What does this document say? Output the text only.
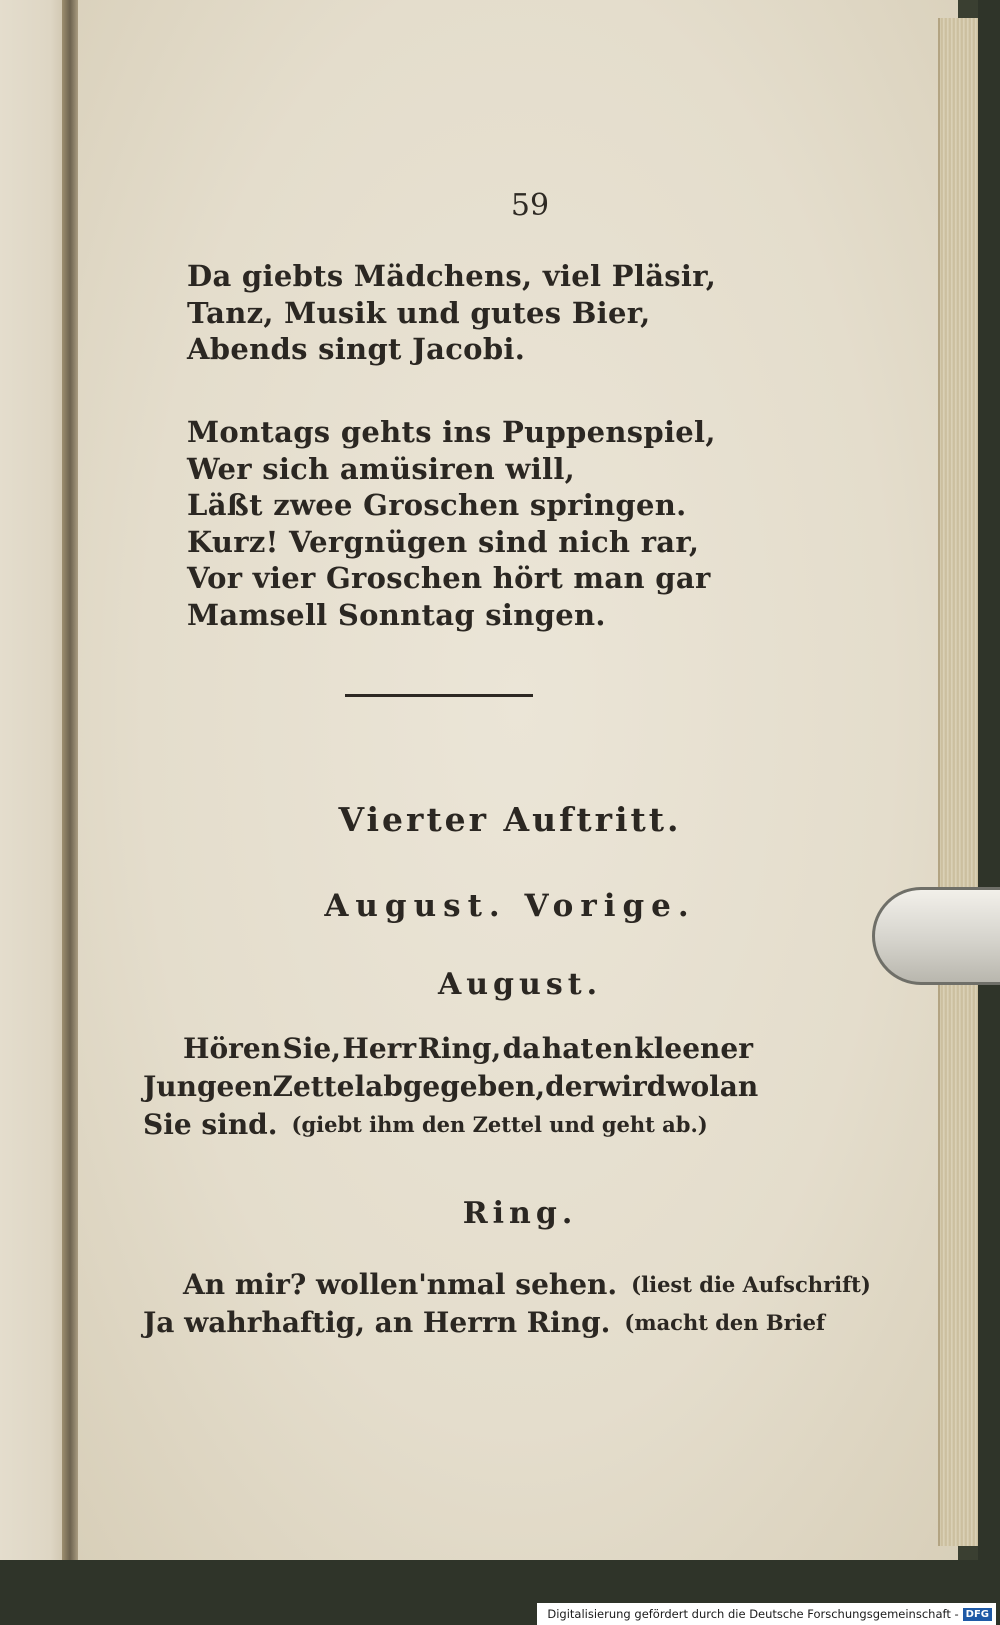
59
Da giebts Mädchens, viel Pläsir,
Tanz, Musik und gutes Bier,
Abends singt Jacobi.
Montags gehts ins Puppenspiel,
Wer sich amüsiren will,
Läßt zwee Groschen springen.
Kurz! Vergnügen sind nich rar,
Vor vier Groschen hört man gar
Mamsell Sonntag singen.
Vierter Auftritt.
August. Vorige.
August.
Hören Sie, Herr Ring, da hat en kleener
Junge en Zettel abgegeben, der wird wol an
Sie sind. (giebt ihm den Zettel und geht ab.)
Ring.
An mir? wollen'nmal sehen. (liest die Aufschrift)
Ja wahrhaftig, an Herrn Ring. (macht den Brief
Digitalisierung gefördert durch die Deutsche Forschungsgemeinschaft - DFG
